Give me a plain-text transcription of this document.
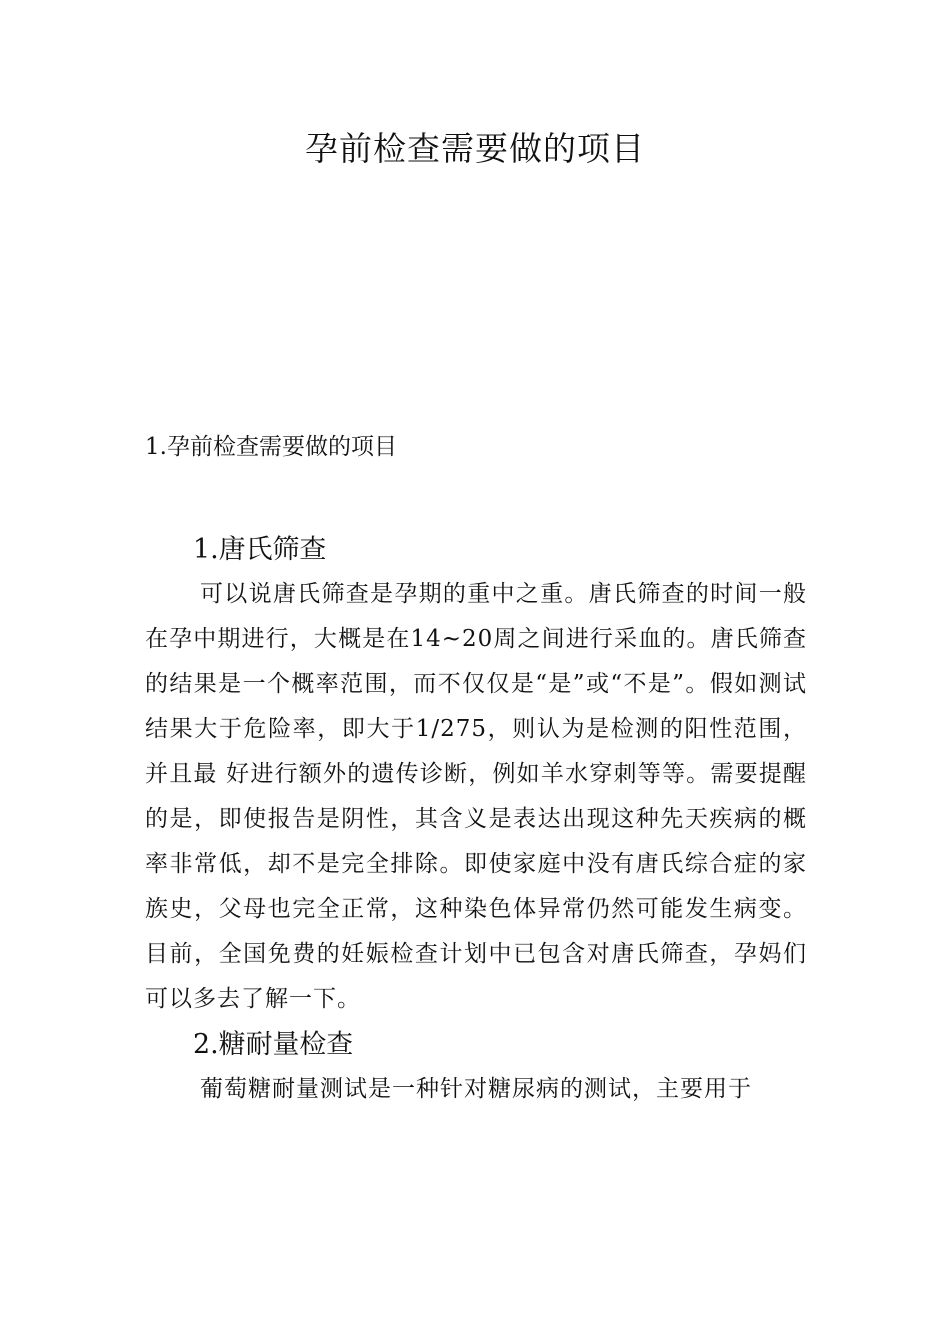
孕前检查需要做的项目
1.孕前检查需要做的项目
1.唐氏筛查

可以说唐氏筛查是孕期的重中之重。唐氏筛查的时间一般在孕中期进行，大概是在14~20周之间进行采血的。唐氏筛查的结果是一个概率范围，而不仅仅是“是”或“不是”。假如测试结果大于危险率，即大于1/275，则认为是检测的阳性范围，并且最 好进行额外的遗传诊断，例如羊水穿刺等等。需要提醒的是，即使报告是阴性，其含义是表达出现这种先天疾病的概率非常低，却不是完全排除。即使家庭中没有唐氏综合症的家族史，父母也完全正常，这种染色体异常仍然可能发生病变。目前，全国免费的妊娠检查计划中已包含对唐氏筛查，孕妈们可以多去了解一下。

2.糖耐量检查

葡萄糖耐量测试是一种针对糖尿病的测试，主要用于
